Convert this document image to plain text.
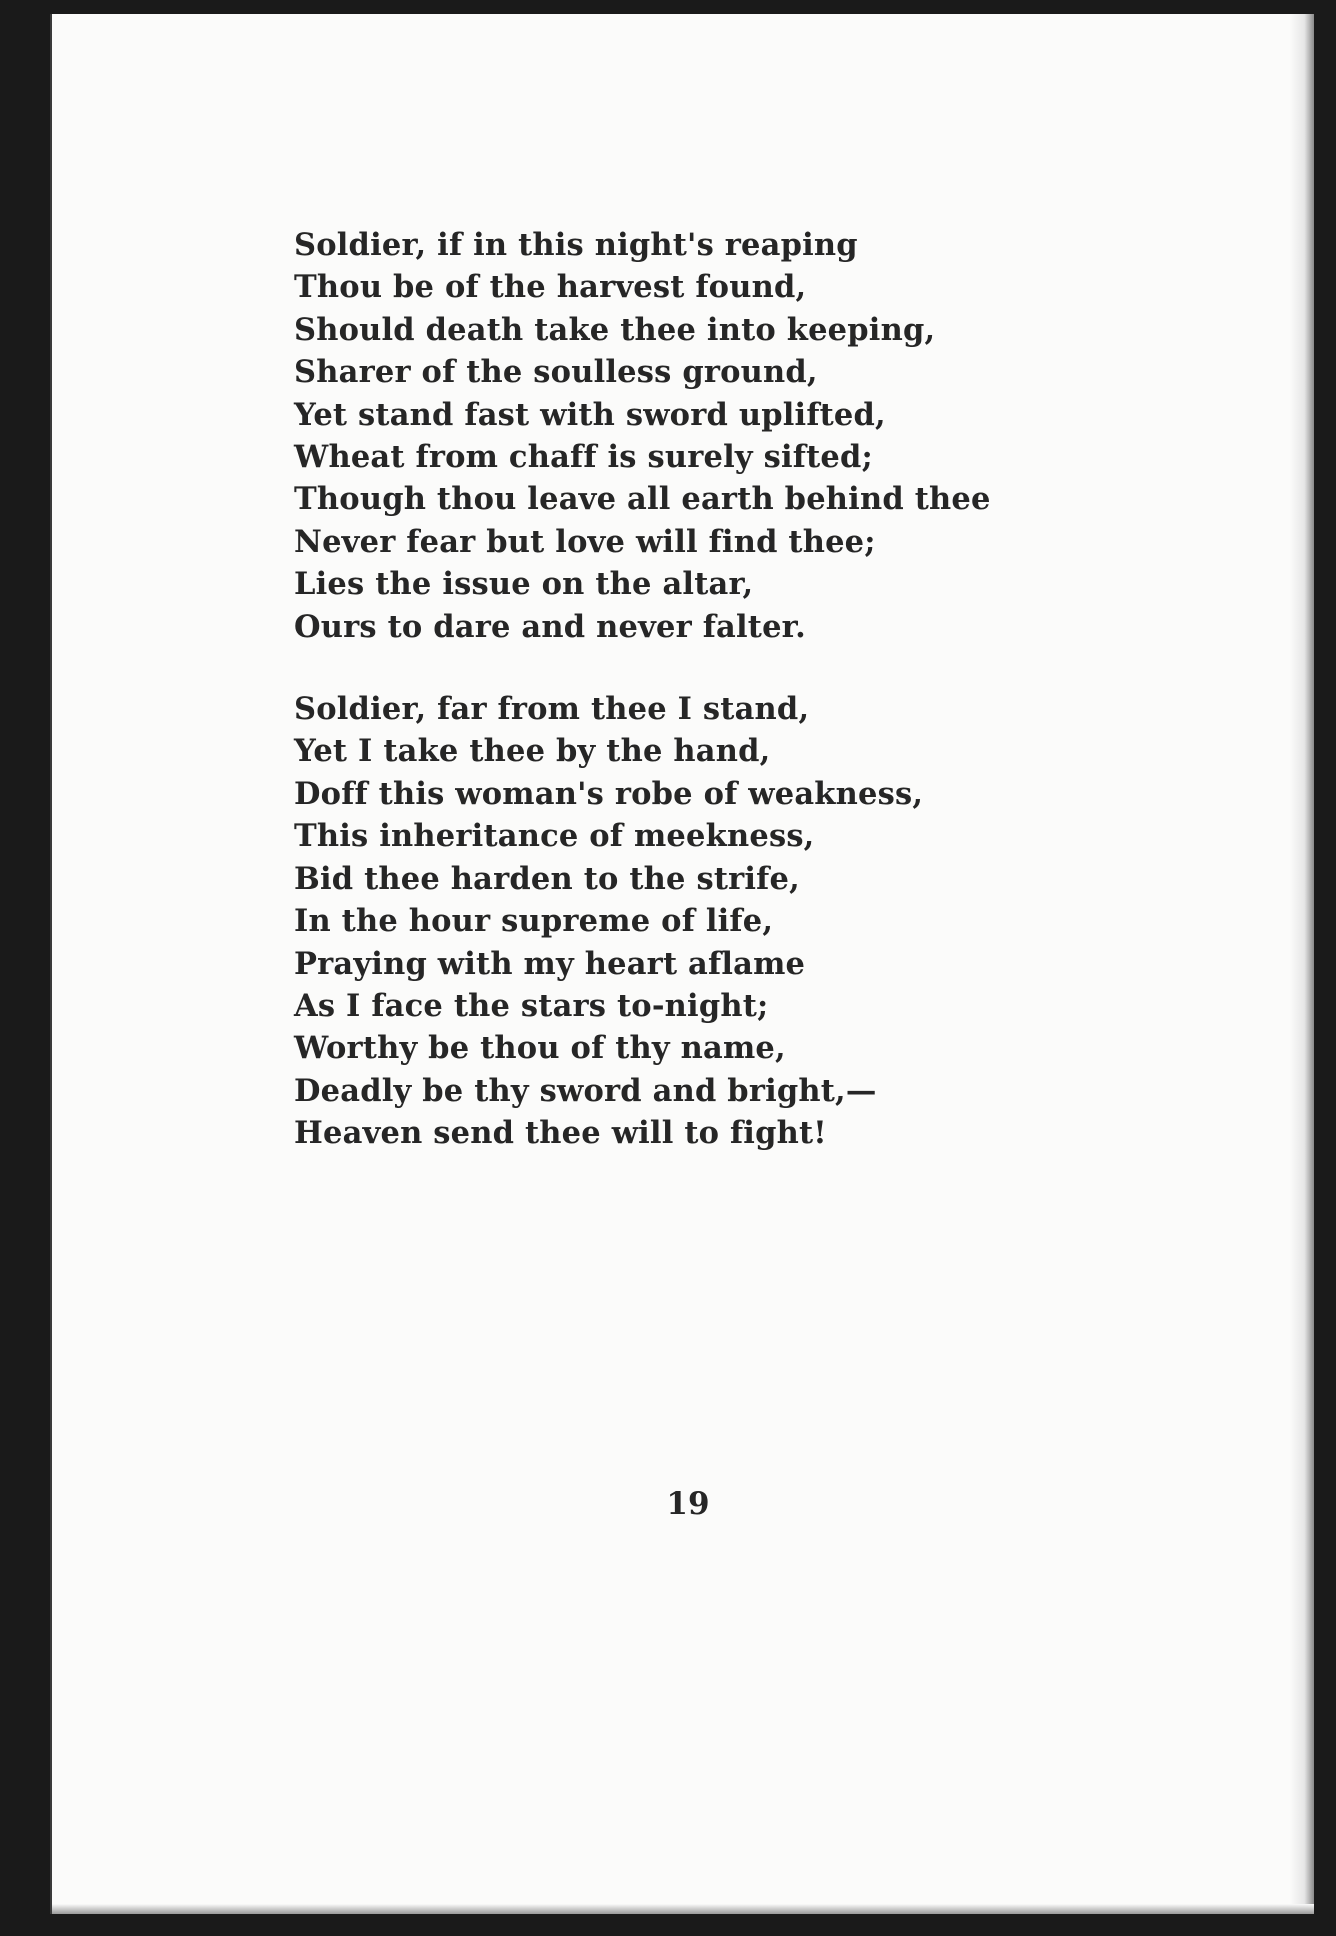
Soldier, if in this night's reaping
Thou be of the harvest found,
Should death take thee into keeping,
Sharer of the soulless ground,
Yet stand fast with sword uplifted,
Wheat from chaff is surely sifted;
Though thou leave all earth behind thee
Never fear but love will find thee;
Lies the issue on the altar,
Ours to dare and never falter.
Soldier, far from thee I stand,
Yet I take thee by the hand,
Doff this woman's robe of weakness,
This inheritance of meekness,
Bid thee harden to the strife,
In the hour supreme of life,
Praying with my heart aflame
As I face the stars to-night;
Worthy be thou of thy name,
Deadly be thy sword and bright,—
Heaven send thee will to fight!
19
